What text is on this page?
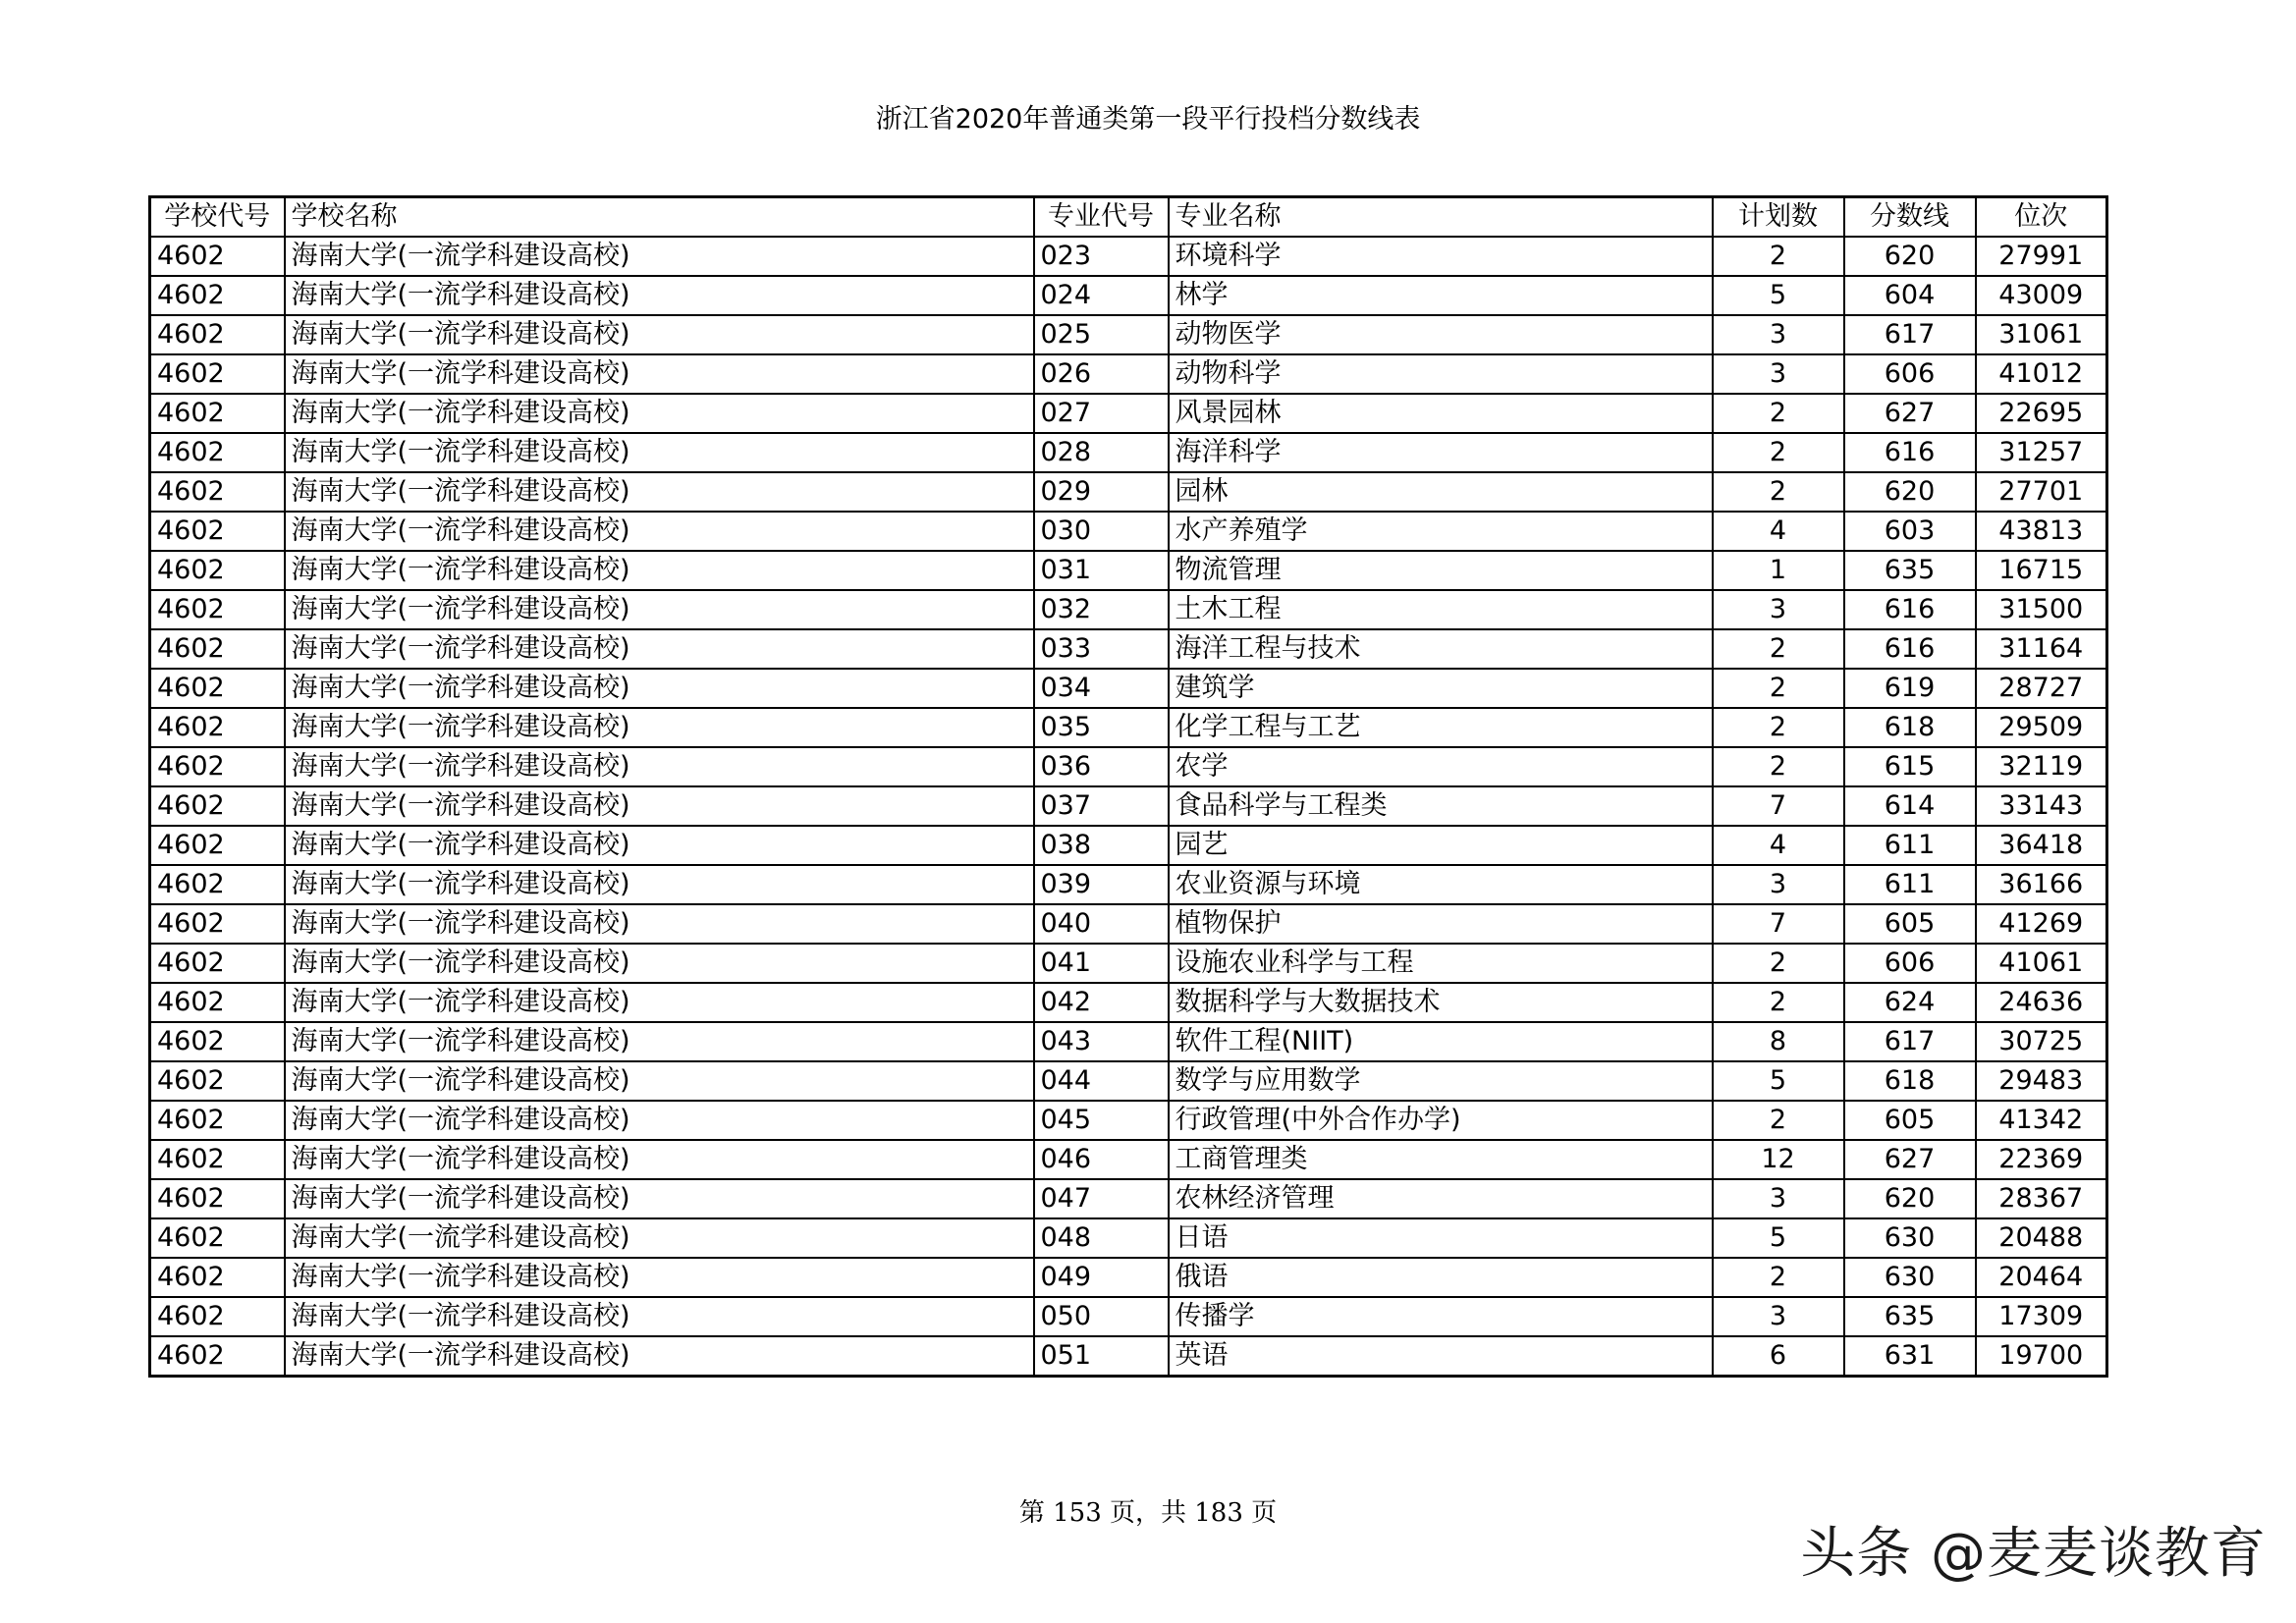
浙江省2020年普通类第一段平行投档分数线表
学校代号	学校名称	专业代号	专业名称	计划数	分数线	位次
4602	海南大学(一流学科建设高校)	023	环境科学	2	620	27991
4602	海南大学(一流学科建设高校)	024	林学	5	604	43009
4602	海南大学(一流学科建设高校)	025	动物医学	3	617	31061
4602	海南大学(一流学科建设高校)	026	动物科学	3	606	41012
4602	海南大学(一流学科建设高校)	027	风景园林	2	627	22695
4602	海南大学(一流学科建设高校)	028	海洋科学	2	616	31257
4602	海南大学(一流学科建设高校)	029	园林	2	620	27701
4602	海南大学(一流学科建设高校)	030	水产养殖学	4	603	43813
4602	海南大学(一流学科建设高校)	031	物流管理	1	635	16715
4602	海南大学(一流学科建设高校)	032	土木工程	3	616	31500
4602	海南大学(一流学科建设高校)	033	海洋工程与技术	2	616	31164
4602	海南大学(一流学科建设高校)	034	建筑学	2	619	28727
4602	海南大学(一流学科建设高校)	035	化学工程与工艺	2	618	29509
4602	海南大学(一流学科建设高校)	036	农学	2	615	32119
4602	海南大学(一流学科建设高校)	037	食品科学与工程类	7	614	33143
4602	海南大学(一流学科建设高校)	038	园艺	4	611	36418
4602	海南大学(一流学科建设高校)	039	农业资源与环境	3	611	36166
4602	海南大学(一流学科建设高校)	040	植物保护	7	605	41269
4602	海南大学(一流学科建设高校)	041	设施农业科学与工程	2	606	41061
4602	海南大学(一流学科建设高校)	042	数据科学与大数据技术	2	624	24636
4602	海南大学(一流学科建设高校)	043	软件工程(NIIT)	8	617	30725
4602	海南大学(一流学科建设高校)	044	数学与应用数学	5	618	29483
4602	海南大学(一流学科建设高校)	045	行政管理(中外合作办学)	2	605	41342
4602	海南大学(一流学科建设高校)	046	工商管理类	12	627	22369
4602	海南大学(一流学科建设高校)	047	农林经济管理	3	620	28367
4602	海南大学(一流学科建设高校)	048	日语	5	630	20488
4602	海南大学(一流学科建设高校)	049	俄语	2	630	20464
4602	海南大学(一流学科建设高校)	050	传播学	3	635	17309
4602	海南大学(一流学科建设高校)	051	英语	6	631	19700
第 153 页，共 183 页
头条 @麦麦谈教育
